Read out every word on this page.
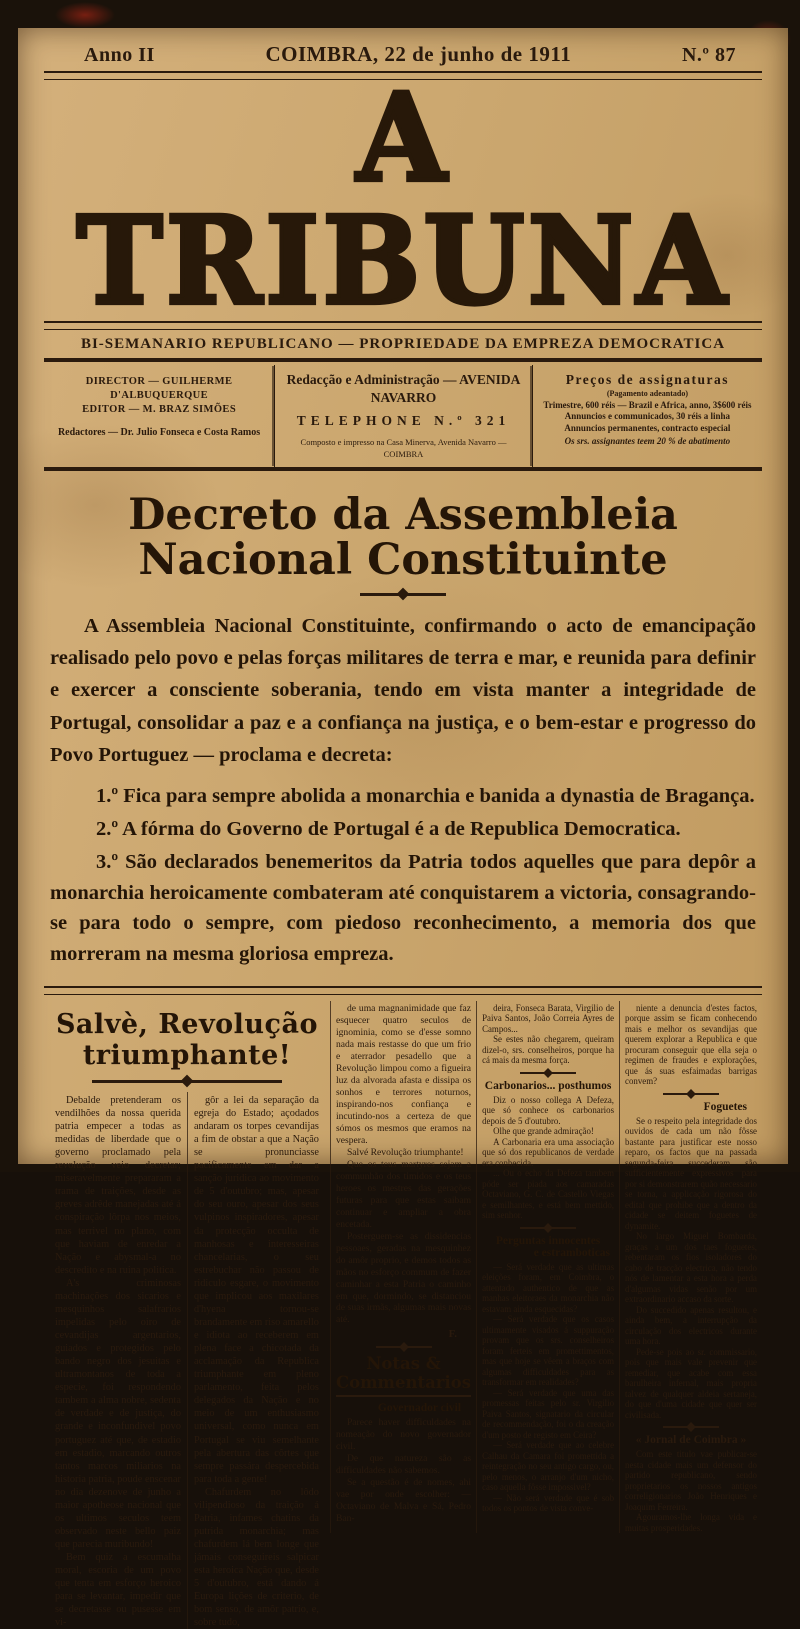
Anno II	COIMBRA, 22 de junho de 1911	N.º 87
A TRIBUNA
BI-SEMANARIO REPUBLICANO — PROPRIEDADE DA EMPREZA DEMOCRATICA
DIRECTOR — GUILHERME D'ALBUQUERQUE
EDITOR — M. BRAZ SIMÕES
Redactores — Dr. Julio Fonseca e Costa Ramos
Redacção e Administração — AVENIDA NAVARRO
TELEPHONE N.º 321
Composto e impresso na Casa Minerva, Avenida Navarro — COIMBRA
Preços de assignaturas
(Pagamento adeantado)
Trimestre, 600 réis — Brazil e Africa, anno, 3$600 réis
Annuncios e communicados, 30 réis a linha
Annuncios permanentes, contracto especial
Os srs. assignantes teem 20 % de abatimento
Decreto da Assembleia Nacional Constituinte

A Assembleia Nacional Constituinte, confirmando o acto de emancipação realisado pelo povo e pelas forças militares de terra e mar, e reunida para definir e exercer a consciente soberania, tendo em vista manter a integridade de Portugal, consolidar a paz e a confiança na justiça, e o bem-estar e progresso do Povo Portuguez — proclama e decreta:

1.º Fica para sempre abolida a monarchia e banida a dynastia de Bragança.

2.º A fórma do Governo de Portugal é a de Republica Democratica.

3.º São declarados benemeritos da Patria todos aquelles que para depôr a monarchia heroicamente combateram até conquistarem a victoria, consagrando-se para todo o sempre, com piedoso reconhecimento, a memoria dos que morreram na mesma gloriosa empreza.

Salvè, Revolução triumphante!

Debalde pretenderam os vendilhões da nossa querida patria empecer a todas as medidas de liberdade que o governo proclamado pela revolução veio decretar; miseravelmente prepararam a trama de traições, desde as greves adrêde manejadas até á conspiração lôrpa nos meios, mas terrivel no plano, com que haviam de enredar a Nação e abysmal-a no descredito e na ruina politica.

A's criminosas machinações dos sicarios e mesquinhos salafrarios impelidas pelo oiro de cevandijas argentarios, guiados e protegidos pelo bando negro dos jesuitas e ultramontanos de toda a especie, foi respondendo tambem a alma nobre, sedenta de verdade e de justiça, do grande e inconfundivel povo portuguez até que, de estadio em estadio, marcando outros tantos marcos miliarios na historia patria, poude enscenar no dia dezenove de junho a maior apotheose nacional que os ultimos seculos teem observado neste bello paiz que parecia muribundo!

Bem quiz a escumalha moral, escoria de um povo que tenta em esforço heroico para se levantar, impedir que se decretasse ou pusesse em vi-

gôr a lei da separação da egreja do Estado; açodados andaram os torpes cevandijas a fim de obstar a que a Nação se pronunciasse pacificamente em dar a sanção juridica ao movimento de 5 d'outubro; mas, apesar do seu ouro, apesar dos seus vulpinos inspiradores, apesar da protecção occulta de manhosas e interesseiras chancelarias, o seu estrebuchar não passou de ridiculo esgare, o movimento que implicou aos maxilares d'hyena tornou-se brandamente em riso amarello e idiota ao receberem em plena face a chicotada da acclamação da Republica triumphante em pleno parlamento, feita pelos delegados da Nação e no meio de um enthusiasmo universal, como nunca em Portugal se viu semelhante pela abertura das côrtes que sempre passára despercebida para toda a gente!

Chafurdem no lôdo vilipendioso da traição á Patria, infames chatins da putrida monarchia; mas chafurdem lá bem longe que jámais conseguireis salpicar esta heroica Nação que, desde 5 d'outubro, está dando á Europa lições de criterio, de bom senso, de amôr patrio, e, sobre tudo,

de uma magnanimidade que faz esquecer quatro seculos de ignominia, como se d'esse somno nada mais restasse do que um frio e aterrador pesadello que a Revolução limpou como a figueira luz da alvorada afasta e dissipa os sonhos e terrores noturnos, inspirando-nos confiança e incutindo-nos a certeza de que sómos os mesmos que eramos na vespera.

Salvé Revolução triumphante!

Que os teus martyres sejam a communhão dos timidos e os teus heroes os mestres das gerações futuras para que estas saibam continuar e ampliar a obra encetada.

Posterguem-se as dissidencias pessoaes, geradas na mesquinhez do amôr proprio, e demos todos as mãos no esforço commum de fazer caminhar a esta Patria o caminho em que, dormindo, se distanciou de suas irmãs, algumas mais novas até.

F.
Notas & Commentarios
Governador civil

Parece haver difficuldades na nomeação do novo governador civil.

De que natureza são as difficuldades não sabemos.

Se a questão é de nomes, ahi vae por onde escolher: — Octaviano de Malva e Sá, Pedro Ban-

deira, Fonseca Barata, Virgilio de Paiva Santos, João Correia Ayres de Campos...

Se estes não chegarem, queiram dizel-o, srs. conselheiros, porque ha cá mais da mesma força.

Carbonarios... posthumos

Diz o nosso collega A Defeza, que só conhece os carbonarios depois de 5 d'outubro.

Olhe que grande admiração!

A Carbonaria era uma associação que só dos republicanos de verdade era conhecida.

... Ou o echo da Defeza tambem póde ser piada aos camaradas Octaviano, G. C. de Castello Viegas e semilhantes, e está bem mettido, sim senhor.

Perguntas innocentes
e estramboticas

— Será verdade que as ultimas eleições foram, em Coimbra, o attentado authentico de que as manhas eleitoraes da monarchia não estavam ainda esquecidas?

— Será verdade que os casos ultimamente visados á suppuração provam que os srs. conselheiros foram ferteis em promettimentos, mas que hoje se vêem a braços com algumas difficuldades para as transformar em realidades?

— Será verdade que uma das promessas feitas pelo sr. Virgilio Paiva Santos, signatario da circular de recommendação, foi o da creação d'um posto de registo em Ceira?

— Será verdade que ao celebre Calhau da Camara foi promettida a reintegração no seu antigo cargo, ou, pelo menos, o arranjo d'um nicho, caso aquella fôsse impossivel?

— Não será verdade que é sob todos os pontos de vista conve-

niente a denuncia d'estes factos, porque assim se ficam conhecendo mais e melhor os sevandijas que querem explorar a Republica e que procuram conseguir que ella seja o regimen de fraudes e explorações, que ás suas esfaimadas barrigas convem?

Foguetes

Se o respeito pela integridade dos ouvidos de cada um não fôsse bastante para justificar este nosso reparo, os factos que na passada segunda-feira succederam são sufficientemente expressivos para por si demonstrarem quão necessario se torna, a applicação rigorosa do edital que prohibe que a dentro da cidade se deitem foguetes de dynamite.

No largo Miguel Bombarda, graças a um dos taes foguetes, rebentaram os fios isoladores do cabo de tracção electrica, não tendo nós de lamentar a esta hora a perda d'algumas vidas senão por um extraordinario accaso da sorte.

Do succedido apenas resultou, e ainda bem, a interrupção da circulação dos electricos durante uma hora.

Pede-se pois ao sr. commissario, pois que mais vale prevenir que remediar, que acabe com essa barulheira infernal, mais propria talvez de qualquer aldeia sertaneja, do que d'uma cidade que quer ser civilisada.

« Jornal de Coimbra »

Com este titulo vae publicar-se nesta cidade mais um defensor do partido republicano, sendo proprietarios os nossos antigos correligionarios João Henriques e Joaquim Ferreira.

Agouramos-lhe longa vida e muitas prosperidades.
